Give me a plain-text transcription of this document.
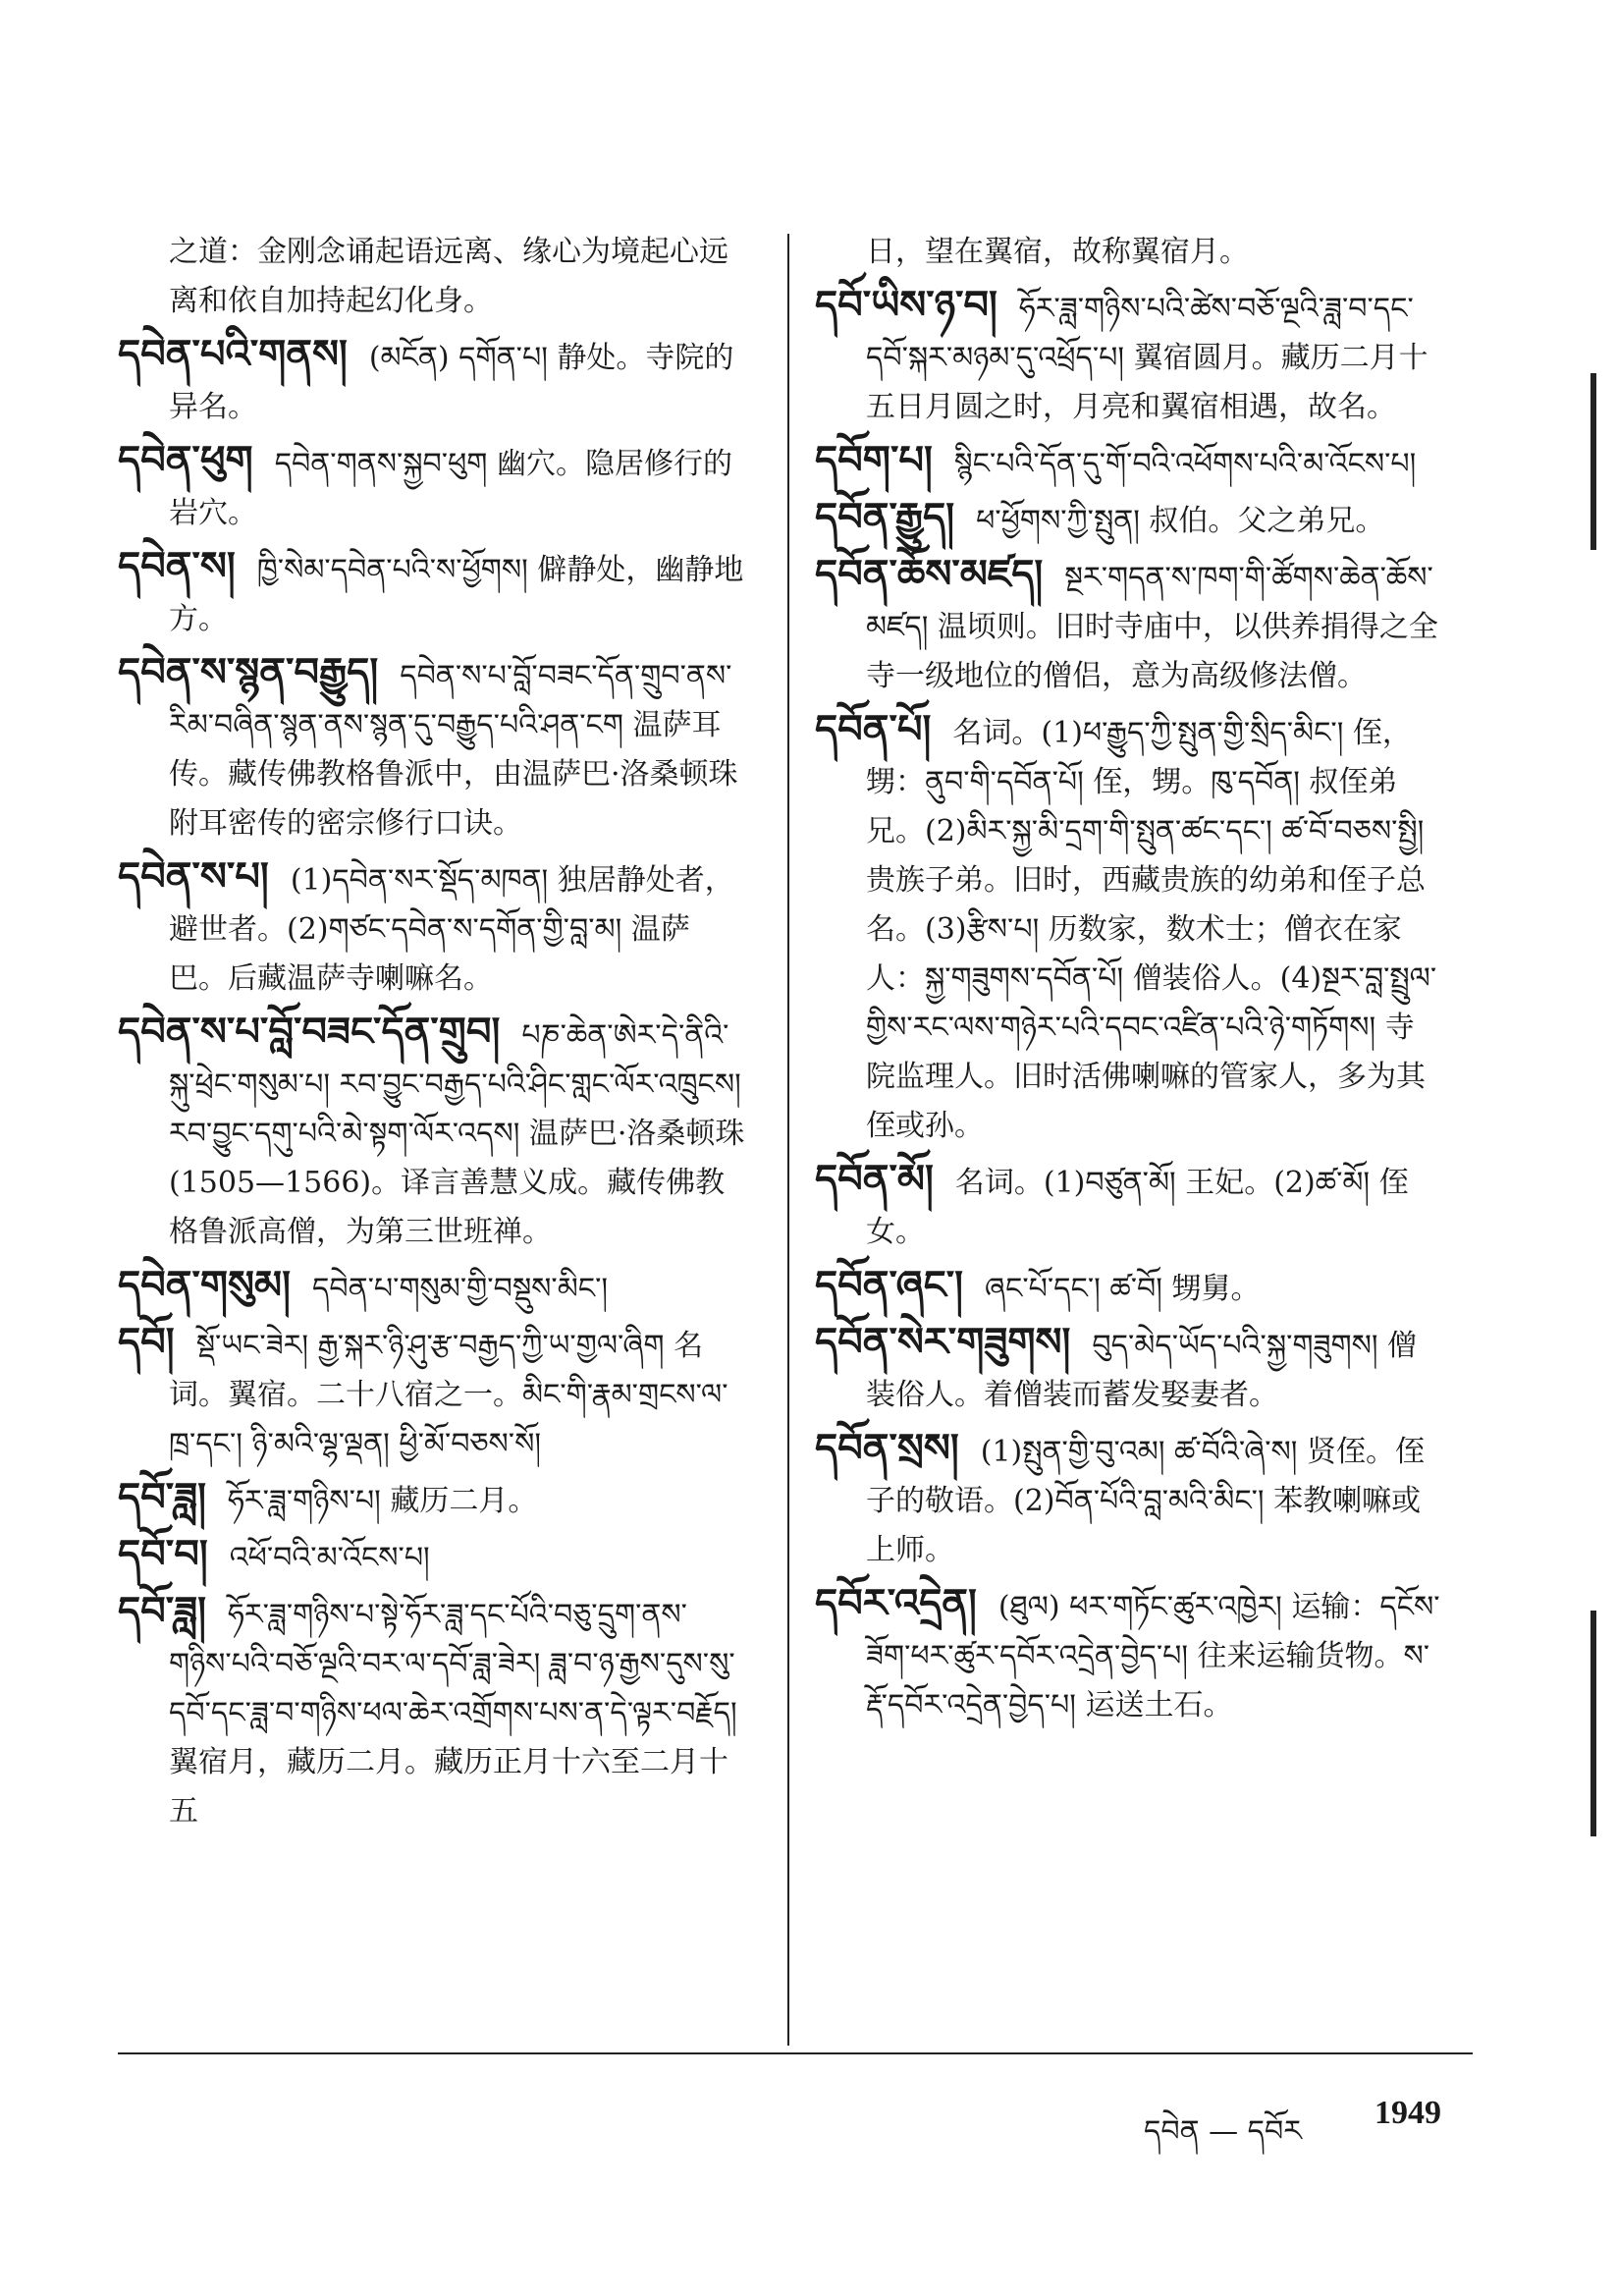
之道：金刚念诵起语远离、缘心为境起心远离和依自加持起幻化身。
དབེན་པའི་གནས། (མངོན) དགོན་པ། 静处。寺院的异名。
དབེན་ཕུག དབེན་གནས་སྐྱབ་ཕུག 幽穴。隐居修行的岩穴。
དབེན་ས། ཁྱི་སེམ་དབེན་པའི་ས་ཕྱོགས། 僻静处，幽静地方。
དབེན་ས་སྙན་བརྒྱུད། དབེན་ས་པ་བློ་བཟང་དོན་གྲུབ་ནས་རིམ་བཞིན་སྙན་ནས་སྙན་དུ་བརྒྱུད་པའི་ཤན་ངག 温萨耳传。藏传佛教格鲁派中，由温萨巴·洛桑顿珠附耳密传的密宗修行口诀。
དབེན་ས་པ། (1)དབེན་སར་སྡོད་མཁན། 独居静处者，避世者。(2)གཙང་དབེན་ས་དགོན་གྱི་བླ་མ། 温萨巴。后藏温萨寺喇嘛名。
དབེན་ས་པ་བློ་བཟང་དོན་གྲུབ། པཎ་ཆེན་ཨེར་དེ་ནིའི་སྐུ་ཕྲེང་གསུམ་པ། རབ་བྱུང་བརྒྱད་པའི་ཤིང་གླང་ལོར་འཁྲུངས། རབ་བྱུང་དགུ་པའི་མེ་སྟག་ལོར་འདས། 温萨巴·洛桑顿珠(1505—1566)。译言善慧义成。藏传佛教格鲁派高僧，为第三世班禅。
དབེན་གསུམ། དབེན་པ་གསུམ་གྱི་བསྡུས་མིང་།
དབོ། སྡོ་ཡང་ཟེར། རྒྱ་སྐར་ཉི་ཤུ་རྩ་བརྒྱད་ཀྱི་ཡ་གྱལ་ཞིག 名词。翼宿。二十八宿之一。མིང་གི་རྣམ་གྲངས་ལ་ཁྲ་དང་། ཉི་མའི་ལྷ་ལྡན། ཕྱི་མོ་བཅས་སོ།
དབོ་ཟླ། ཧོར་ཟླ་གཉིས་པ། 藏历二月。
དབོ་བ། འཕོ་བའི་མ་འོངས་པ།
དབོ་ཟླ། ཧོར་ཟླ་གཉིས་པ་སྟེ་ཧོར་ཟླ་དང་པོའི་བཅུ་དྲུག་ནས་གཉིས་པའི་བཅོ་ལྔའི་བར་ལ་དབོ་ཟླ་ཟེར། ཟླ་བ་ཉ་རྒྱས་དུས་སུ་དབོ་དང་ཟླ་བ་གཉིས་ཕལ་ཆེར་འགྲོགས་པས་ན་དེ་ལྟར་བརྗོད། 翼宿月，藏历二月。藏历正月十六至二月十五
日，望在翼宿，故称翼宿月。
དབོ་ཡིས་ཉ་བ། ཧོར་ཟླ་གཉིས་པའི་ཚེས་བཅོ་ལྔའི་ཟླ་བ་དང་དབོ་སྐར་མཉམ་དུ་འཕྲོད་པ། 翼宿圆月。藏历二月十五日月圆之时，月亮和翼宿相遇，故名。
དབོག་པ། སྙིང་པའི་དོན་དུ་གོ་བའི་འཕོགས་པའི་མ་འོངས་པ།
དབོན་རྒྱུད། ཕ་ཕྱོགས་ཀྱི་སྤུན། 叔伯。父之弟兄。
དབོན་ཆོས་མཛད། སྔར་གདན་ས་ཁག་གི་ཚོགས་ཆེན་ཆོས་མཛད། 温顷则。旧时寺庙中，以供养捐得之全寺一级地位的僧侣，意为高级修法僧。
དབོན་པོ། 名词。(1)ཕ་རྒྱུད་ཀྱི་སྤུན་གྱི་སྲིད་མིང་། 侄，甥：ནུབ་གི་དབོན་པོ། 侄，甥。ཁུ་དབོན། 叔侄弟兄。(2)མིར་སྐྱ་མི་དྲག་གི་སྤུན་ཚང་དང་། ཚ་བོ་བཅས་སྤྱི། 贵族子弟。旧时，西藏贵族的幼弟和侄子总名。(3)རྩིས་པ། 历数家，数术士；僧衣在家人：སྐྱ་གཟུགས་དབོན་པོ། 僧装俗人。(4)སྔར་བླ་སྤྲུལ་གྱིས་རང་ལས་གཉེར་པའི་དབང་འཛིན་པའི་ཉེ་གཏོགས། 寺院监理人。旧时活佛喇嘛的管家人，多为其侄或孙。
དབོན་མོ། 名词。(1)བཙུན་མོ། 王妃。(2)ཚ་མོ། 侄女。
དབོན་ཞང་། ཞང་པོ་དང་། ཚ་བོ། 甥舅。
དབོན་སེར་གཟུགས། བུད་མེད་ཡོད་པའི་སྐྱ་གཟུགས། 僧装俗人。着僧装而蓄发娶妻者。
དབོན་སྲས། (1)སྤུན་གྱི་བུ་འམ། ཚ་བོའི་ཞེ་ས། 贤侄。侄子的敬语。(2)བོན་པོའི་བླ་མའི་མིང་། 苯教喇嘛或上师。
དབོར་འདྲེན། (ཐུལ) ཕར་གཏོང་ཚུར་འཁྱེར། 运输：དངོས་ཟོག་ཕར་ཚུར་དབོར་འདྲེན་བྱེད་པ། 往来运输货物。ས་རྡོ་དབོར་འདྲེན་བྱེད་པ། 运送土石。
དབེན — དབོར
1949
